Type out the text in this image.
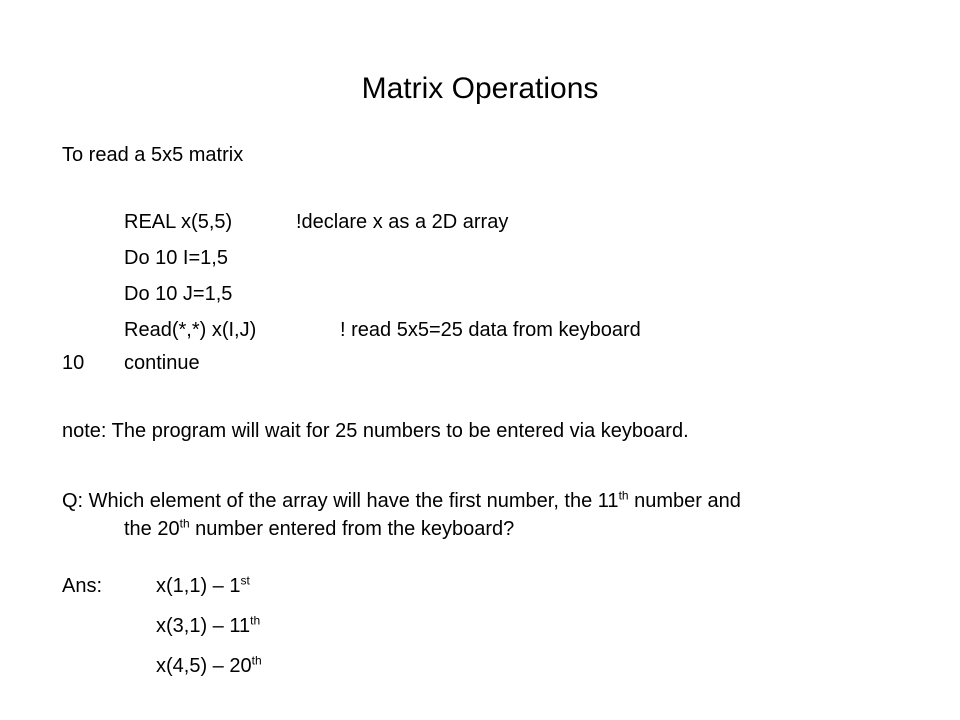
Matrix Operations
To read a 5x5 matrix
REAL x(5,5)	!declare x as a 2D array
Do 10 I=1,5
Do 10 J=1,5
Read(*,*) x(I,J)	! read 5x5=25 data from keyboard
10 continue
note: The program will wait for 25 numbers to be entered via keyboard.
Q: Which element of the array will have the first number, the 11th number and
the 20th number entered from the keyboard?
Ans:	x(1,1) – 1st
x(3,1) – 11th
x(4,5) – 20th
